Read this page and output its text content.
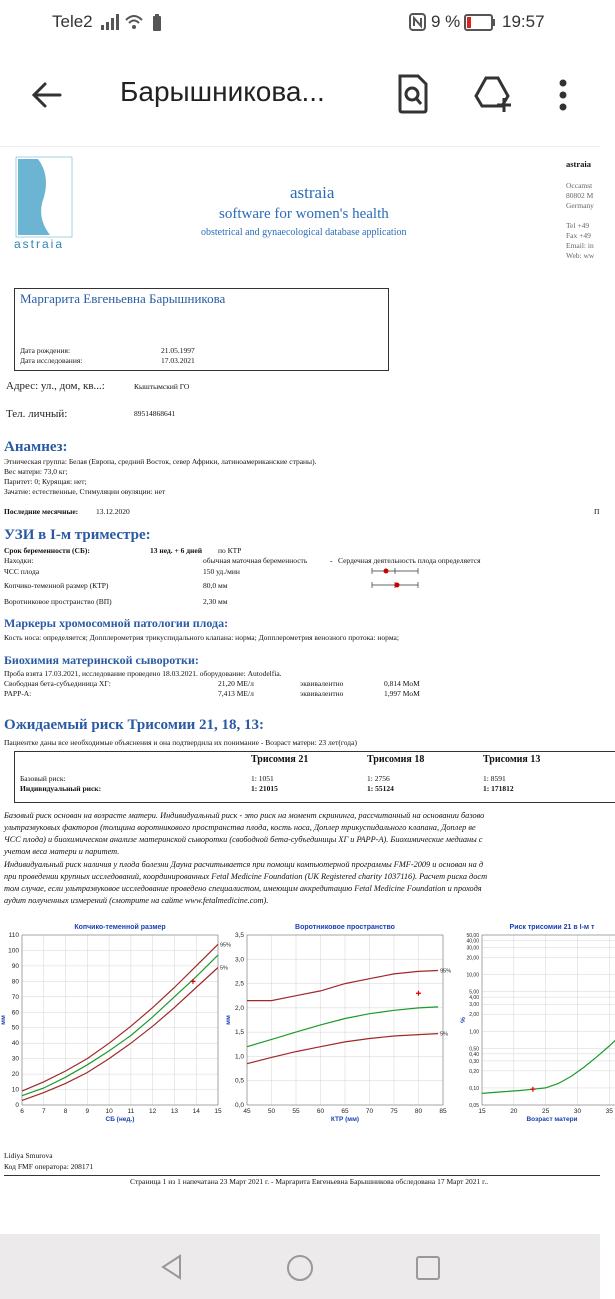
Tele2	9 % 19:57
Барышникова...
astraia
astraia
software for women's health
obstetrical and gynaecological database application
astraia
Occamst
80802 M
Germany
Tel +49
Fax +49
Email: in
Web: ww
Маргарита Евгеньевна Барышникова
Дата рождения:	21.05.1997
Дата исследования:	17.03.2021
Адрес: ул., дом, кв...:	Кыштымский ГО
Тел. личный:	89514868641
Анамнез:
Этническая группа: Белая (Европа, средний Восток, север Африки, латиноамериканские страны).
Вес матери: 73,0 кг;
Паритет: 0; Курящая: нет;
Зачатие: естественные, Стимуляции овуляции: нет
Последние месячные: 13.12.2020	П
УЗИ в I-м триместре:
Срок беременности (СБ):	13 нед. + 6 дней по КТР
Находки:	обычная маточная беременность	- Сердечная деятельность плода определяется
ЧСС плода	150 уд./мин
Копчико-теменной размер (КТР)	80,0 мм
Воротниковое пространство (ВП)	2,30 мм
Маркеры хромосомной патологии плода:
Кость носа: определяется; Допплерометрия трикуспидального клапана: норма; Допплерометрия венозного протока: норма;
Биохимия материнской сыворотки:
Проба взята 17.03.2021, исследование проведено 18.03.2021. оборудование: Autodelfia.
Свободная бета-субъединица ХГ:	21,20 МЕ/л	эквивалентно	0,814 MoM
PAPP-A:	7,413 МЕ/л	эквивалентно	1,997 MoM
Ожидаемый риск Трисомии 21, 18, 13:
Пациентке даны все необходимые объяснения и она подтвердила их понимание - Возраст матери: 23 лет(года)
Трисомия 21	Трисомия 18	Трисомия 13
Базовый риск:	1: 1051	1: 2756	1: 8591
Индивидуальный риск:	1: 21015	1: 55124	1: 171812
Базовый риск основан на возрасте матери. Индивидуальный риск - это риск на момент скрининга, рассчитанный на основании базово
ультразвуковых факторов (толщина воротникового пространства плода, кость носа, Доплер трикуспидального клапана, Доплер ве
ЧСС плода) и биохимическом анализе материнской сыворотки (свободной бета-субъединицы ХГ и PAPP-A). Биохимические медианы с
учетом веса матери и паритет.
Индивидуальный риск наличия у плода болезни Дауна расчитывается при помощи компьютерной программы FMF-2009 и основан на д
при проведении крупных исследований, координированных Fetal Medicine Foundation (UK Registered charity 1037116). Расчет риска дост
том случае, если ультразвуковое исследование проведено специалистом, имеющим аккредитацию Fetal Medicine Foundation и проходя
аудит полученных измерений (смотрите на сайте www.fetalmedicine.com).
Копчико-теменной размер
110
100
90
80
70
60
50
40
30
20
10
0
6	7	8	9	10 11 12 13 14 15
СБ (нед.)
мм
95%
5%
Воротниковое пространство
3,5
3,0
2,5
2,0
1,5
1,0
0,5
0,0
45	50	55	60	65	70	75	80	85
КТР (мм)
мм
95%
5%
Риск трисомии 21 в I-м т
50,00
40,00
30,00
20,00
10,00
5,00
4,00
3,00
2,00
1,00
0,50
0,40
0,30
0,20
0,10
0,05
15	20	25	30	35
Возраст матери
%
Lidiya Smurova
Код FMF оператора: 208171
Страница 1 из 1 напечатана 23 Март 2021 г. - Маргарита Евгеньевна Барышникова обследована 17 Март 2021 г..
